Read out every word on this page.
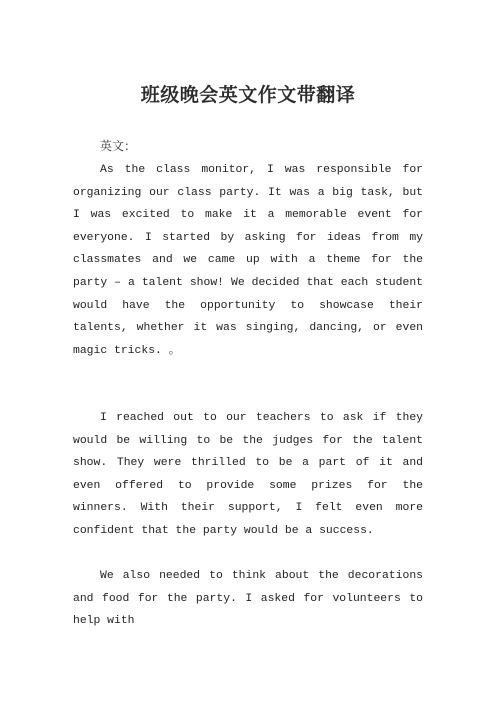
班级晚会英文作文带翻译
英文：

As the class monitor, I was responsible for organizing our class party. It was a big task, but I was excited to make it a memorable event for everyone. I started by asking for ideas from my classmates and we came up with a theme for the party – a talent show! We decided that each student would have the opportunity to showcase their talents, whether it was singing, dancing, or even magic tricks. 。

I reached out to our teachers to ask if they would be willing to be the judges for the talent show. They were thrilled to be a part of it and even offered to provide some prizes for the winners. With their support, I felt even more confident that the party would be a success.

We also needed to think about the decorations and food for the party. I asked for volunteers to help with
